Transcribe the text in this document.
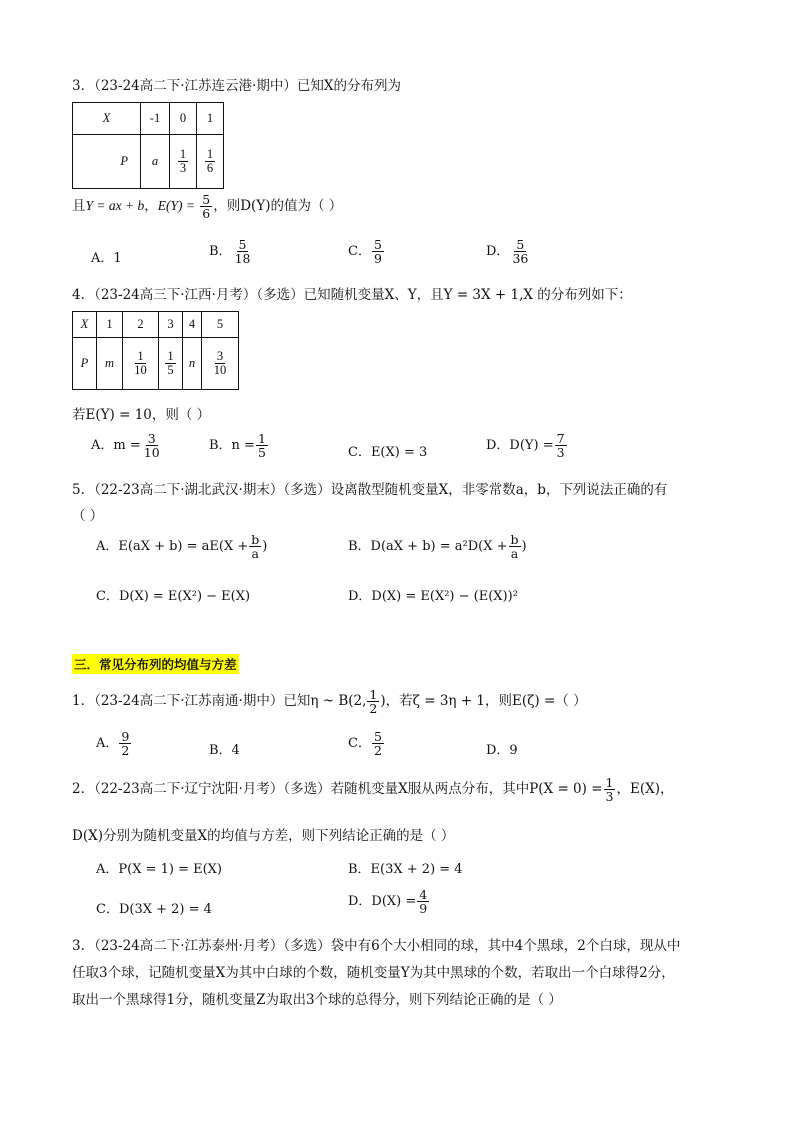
3．（23-24高二下·江苏连云港·期中）已知X的分布列为
X	-1	0	1
P	a	$\frac{1}{3}$	$\frac{1}{6}$
且Y = ax + b，$E(Y) = \frac{5}{6}$ ，则D(Y)的值为（ ）
A．1	B． $\frac{5}{18}$	C． $\frac{5}{9}$	D． $\frac{5}{36}$
4．（23-24高三下·江西·月考）（多选）已知随机变量X、Y，且Y = 3X + 1,X 的分布列如下：
X	1	2	3	4	5
P	m	$\frac{1}{10}$	$\frac{1}{5}$	n	$\frac{3}{10}$
若E(Y) = 10，则（ ）
A．$m = \frac{3}{10}$	B．$n = \frac{1}{5}$	C．E(X) = 3	D．$D(Y) = \frac{7}{3}$
5．（22-23高二下·湖北武汉·期末）（多选）设离散型随机变量X，非零常数a，b，下列说法正确的有
（ ）
A．$E(aX + b) = aE(X + \frac{b}{a}$ )	B．$D(aX + b) = a^2D(X + \frac{b}{a}$ )
C．D(X) = E(X²) − E(X)	D．D(X) = E(X²) − (E(X))²
三．常见分布列的均值与方差
1．（23-24高二下·江苏南通·期中）已知η ~ B(2, $\frac{1}{2}$ )，若ζ = 3η + 1，则E(ζ) =（ ）
A． $\frac{9}{2}$	B．4	C． $\frac{5}{2}$	D．9
2．（22-23高二下·辽宁沈阳·月考）（多选）若随机变量X服从两点分布，其中$P(X = 0) = \frac{1}{3}$ ，E(X)，
D(X)分别为随机变量X的均值与方差，则下列结论正确的是（ ）
A．P(X = 1) = E(X)	B．E(3X + 2) = 4
C．D(3X + 2) = 4
D．$D(X) = \frac{4}{9}$
3．（23-24高二下·江苏泰州·月考）（多选）袋中有6个大小相同的球，其中4个黑球，2个白球，现从中
任取3个球，记随机变量X为其中白球的个数，随机变量Y为其中黑球的个数，若取出一个白球得2分，
取出一个黑球得1分，随机变量Z为取出3个球的总得分，则下列结论正确的是（ ）
